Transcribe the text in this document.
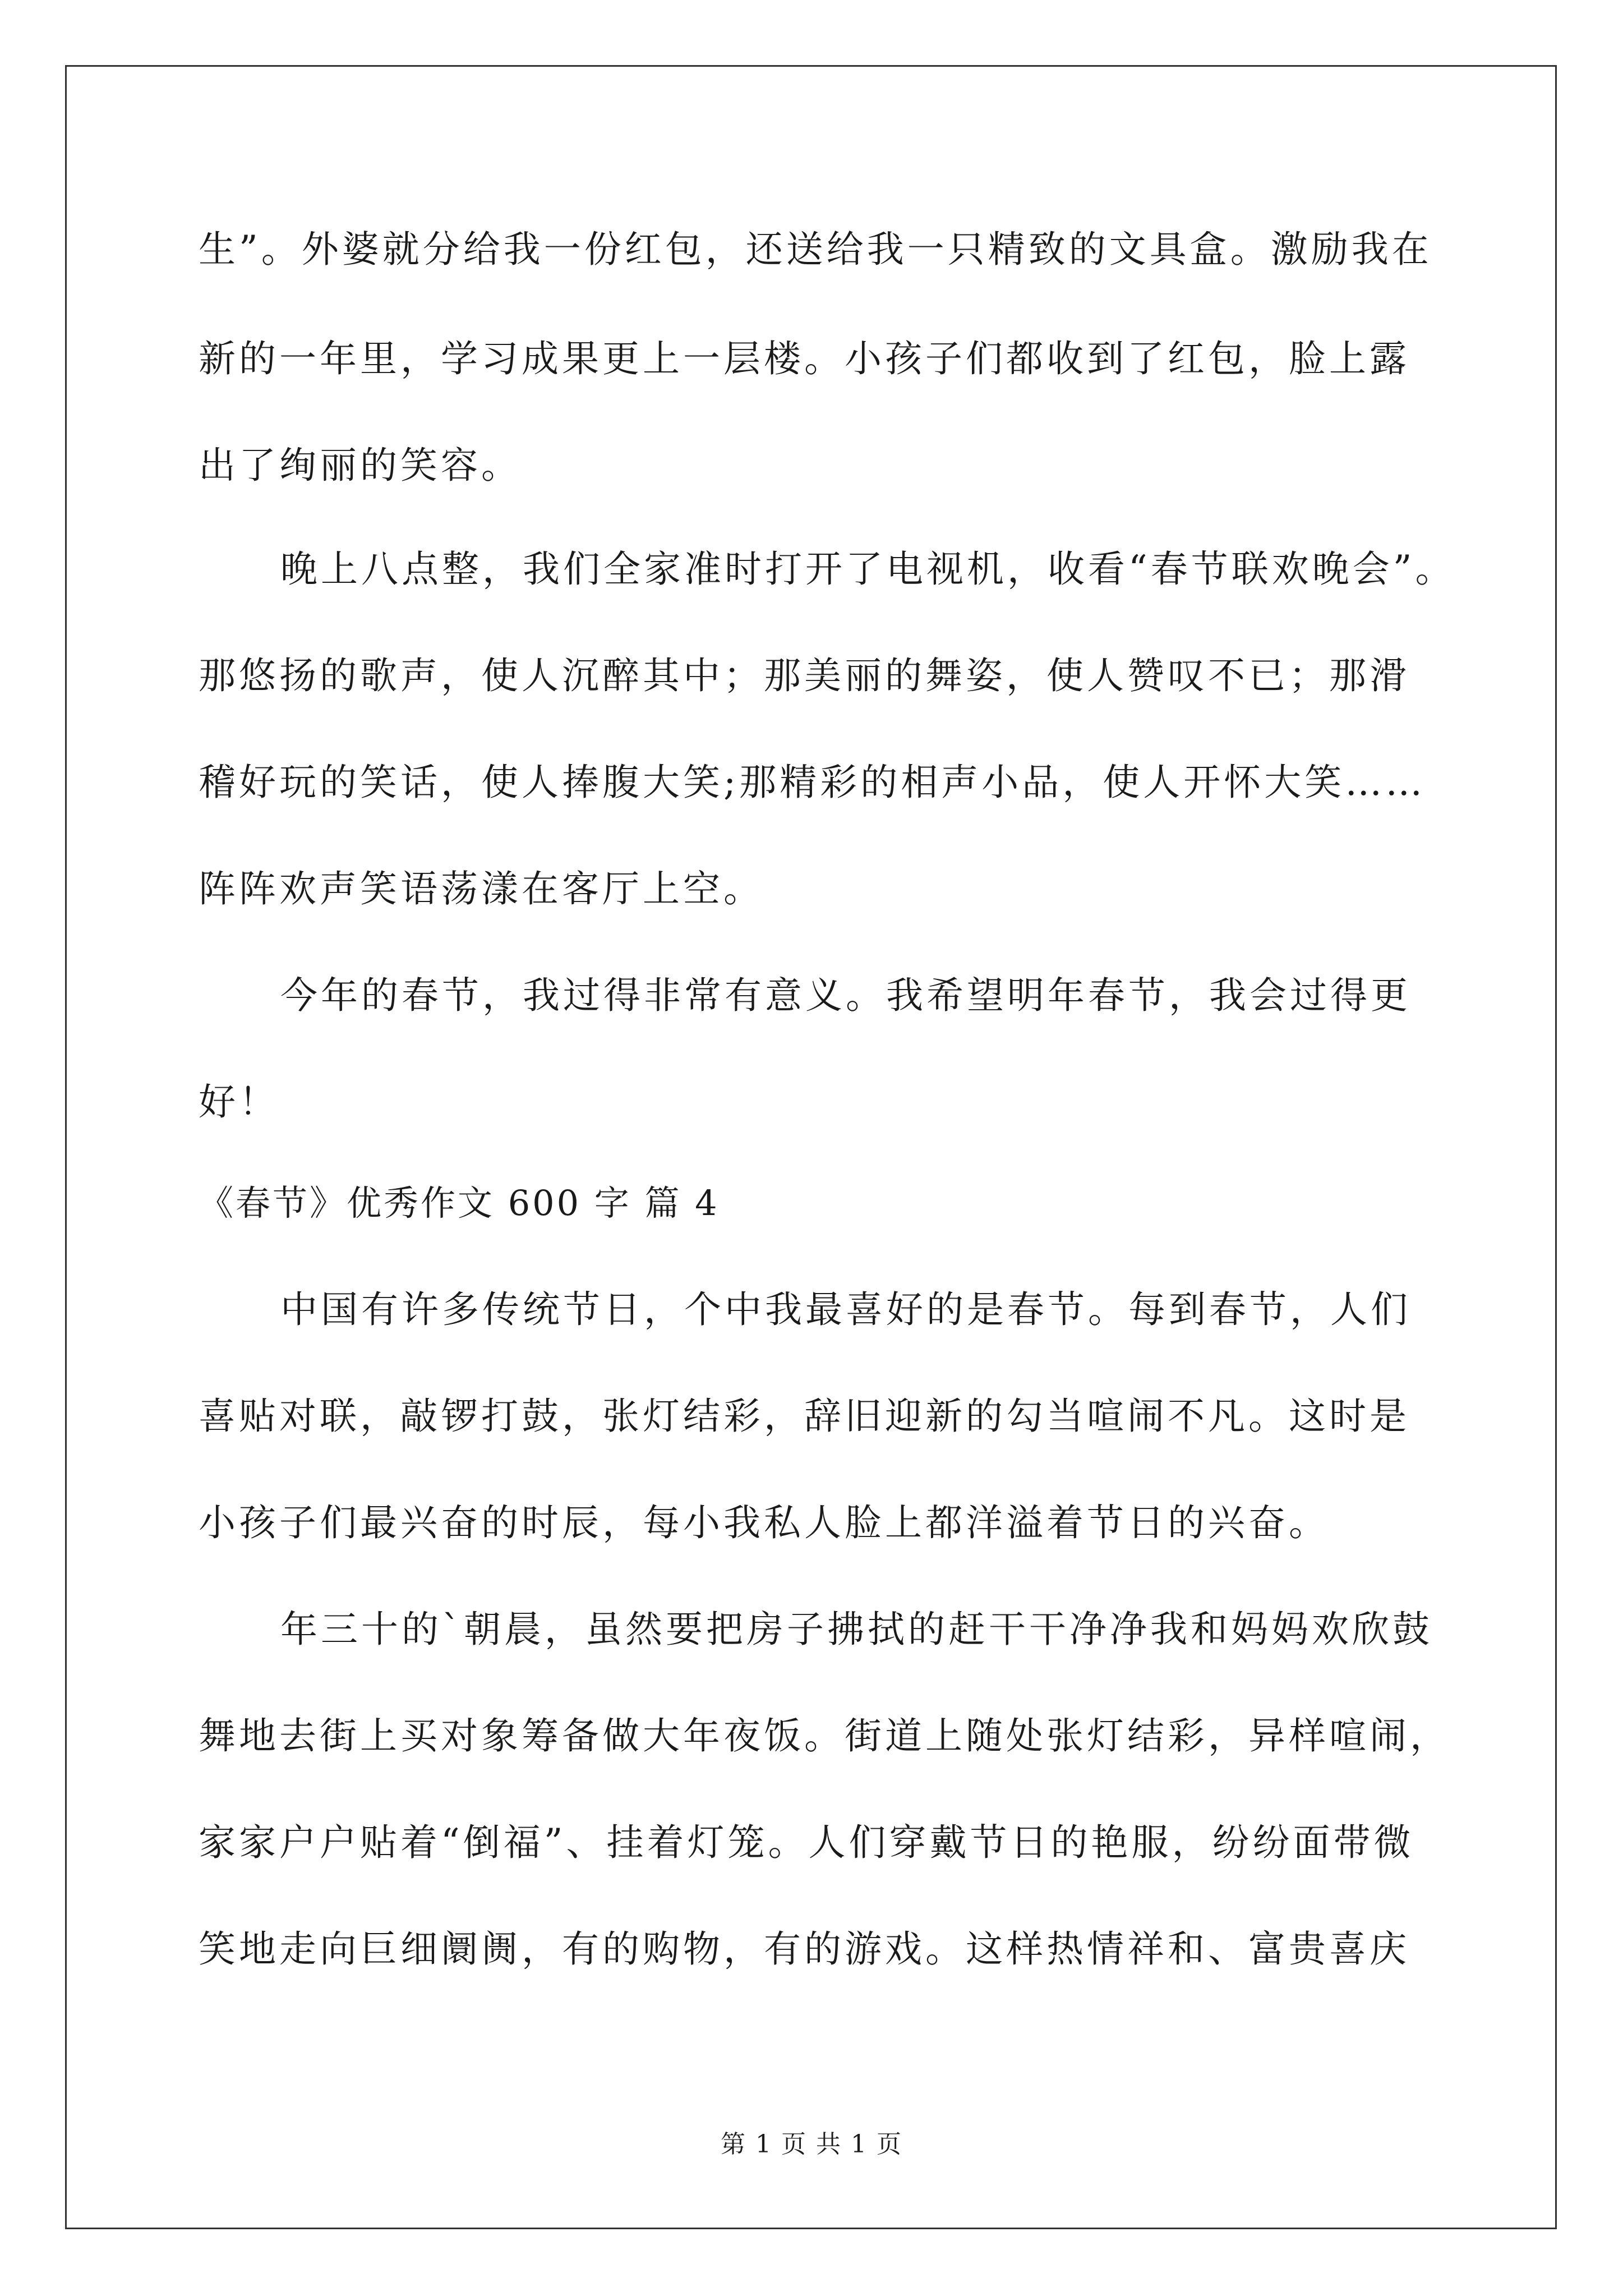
生”。外婆就分给我一份红包，还送给我一只精致的文具盒。激励我在
新的一年里，学习成果更上一层楼。小孩子们都收到了红包，脸上露
出了绚丽的笑容。
晚上八点整，我们全家准时打开了电视机，收看“春节联欢晚会”。
那悠扬的歌声，使人沉醉其中；那美丽的舞姿，使人赞叹不已；那滑
稽好玩的笑话，使人捧腹大笑;那精彩的相声小品，使人开怀大笑……
阵阵欢声笑语荡漾在客厅上空。
今年的春节，我过得非常有意义。我希望明年春节，我会过得更
好！
《春节》优秀作文 600 字 篇 4
中国有许多传统节日，个中我最喜好的是春节。每到春节，人们
喜贴对联，敲锣打鼓，张灯结彩，辞旧迎新的勾当喧闹不凡。这时是
小孩子们最兴奋的时辰，每小我私人脸上都洋溢着节日的兴奋。
年三十的`朝晨，虽然要把房子拂拭的赶干干净净我和妈妈欢欣鼓
舞地去街上买对象筹备做大年夜饭。街道上随处张灯结彩，异样喧闹，
家家户户贴着“倒福”、挂着灯笼。人们穿戴节日的艳服，纷纷面带微
笑地走向巨细阛阓，有的购物，有的游戏。这样热情祥和、富贵喜庆
第 1 页 共 1 页
